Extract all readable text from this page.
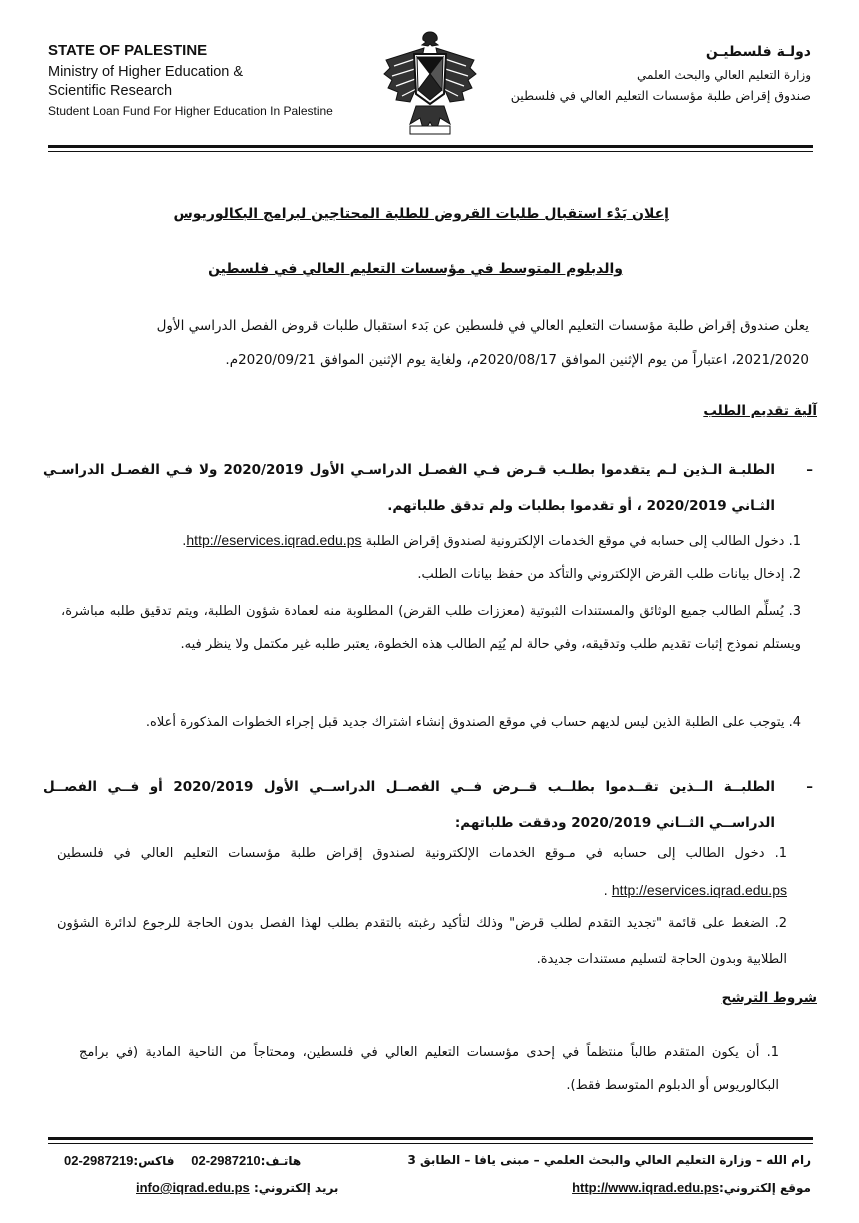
STATE OF PALESTINE
Ministry of Higher Education &
Scientific Research
Student Loan Fund For Higher Education In Palestine
دولـة فلسطيـن
وزارة التعليم العالي والبحث العلمي
صندوق إقراض طلبة مؤسسات التعليم العالي في فلسطين
إعلان بَدْء استقبال طلبات القروض للطلبة المحتاجين لبرامج البكالوريوس
والدبلوم المتوسط في مؤسسات التعليم العالي في فلسطين
يعلن صندوق إقراض طلبة مؤسسات التعليم العالي في فلسطين عن بَدء استقبال طلبات قروض الفصل الدراسي الأول
2021/2020، اعتباراً من يوم الإثنين الموافق 2020/08/17م، ولغاية يوم الإثنين الموافق 2020/09/21م.
آلية تقديم الطلب
–
الطلبـة الـذين لـم يتقدموا بطلـب قـرض فـي الفصـل الدراسـي الأول 2020/2019 ولا فـي الفصـل الدراسـي الثـاني 2020/2019 ، أو تقدموا بطلبات ولم تدقق طلباتهم.
1. دخول الطالب إلى حسابه في موقع الخدمات الإلكترونية لصندوق إقراض الطلبة http://eservices.iqrad.edu.ps.
2. إدخال بيانات طلب القرض الإلكتروني والتأكد من حفظ بيانات الطلب.
3. يُسلِّم الطالب جميع الوثائق والمستندات الثبوتية (معززات طلب القرض) المطلوبة منه لعمادة شؤون الطلبة، ويتم تدقيق طلبه مباشرة، ويستلم نموذج إثبات تقديم طلب وتدقيقه، وفي حالة لم يُتِم الطالب هذه الخطوة، يعتبر طلبه غير مكتمل ولا ينظر فيه.
4. يتوجب على الطلبة الذين ليس لديهم حساب في موقع الصندوق إنشاء اشتراك جديد قبل إجراء الخطوات المذكورة أعلاه.
–
الطلبــة الــذين تقــدموا بطلــب قــرض فــي الفصــل الدراســي الأول 2020/2019 أو فــي الفصــل الدراســي الثــاني 2020/2019 ودققت طلباتهم:
1. دخول الطالب إلى حسابه في مـوقع الخدمات الإلكترونية لصندوق إقراض طلبة مؤسسات التعليم العالي في فلسطين http://eservices.iqrad.edu.ps .
2. الضغط على قائمة "تجديد التقدم لطلب قرض" وذلك لتأكيد رغبته بالتقدم بطلب لهذا الفصل بدون الحاجة للرجوع لدائرة الشؤون الطلابية وبدون الحاجة لتسليم مستندات جديدة.
شروط الترشح
1. أن يكون المتقدم طالباً منتظماً في إحدى مؤسسات التعليم العالي في فلسطين، ومحتاجاً من الناحية المادية (في برامج البكالوريوس أو الدبلوم المتوسط فقط).
رام الله – وزارة التعليم العالي والبحث العلمي – مبنى يافا – الطابق 3
هاتـف:02-2987210    فاكس:02-2987219
موقع إلكتروني:http://www.iqrad.edu.ps
بريد إلكتروني: info@iqrad.edu.ps
